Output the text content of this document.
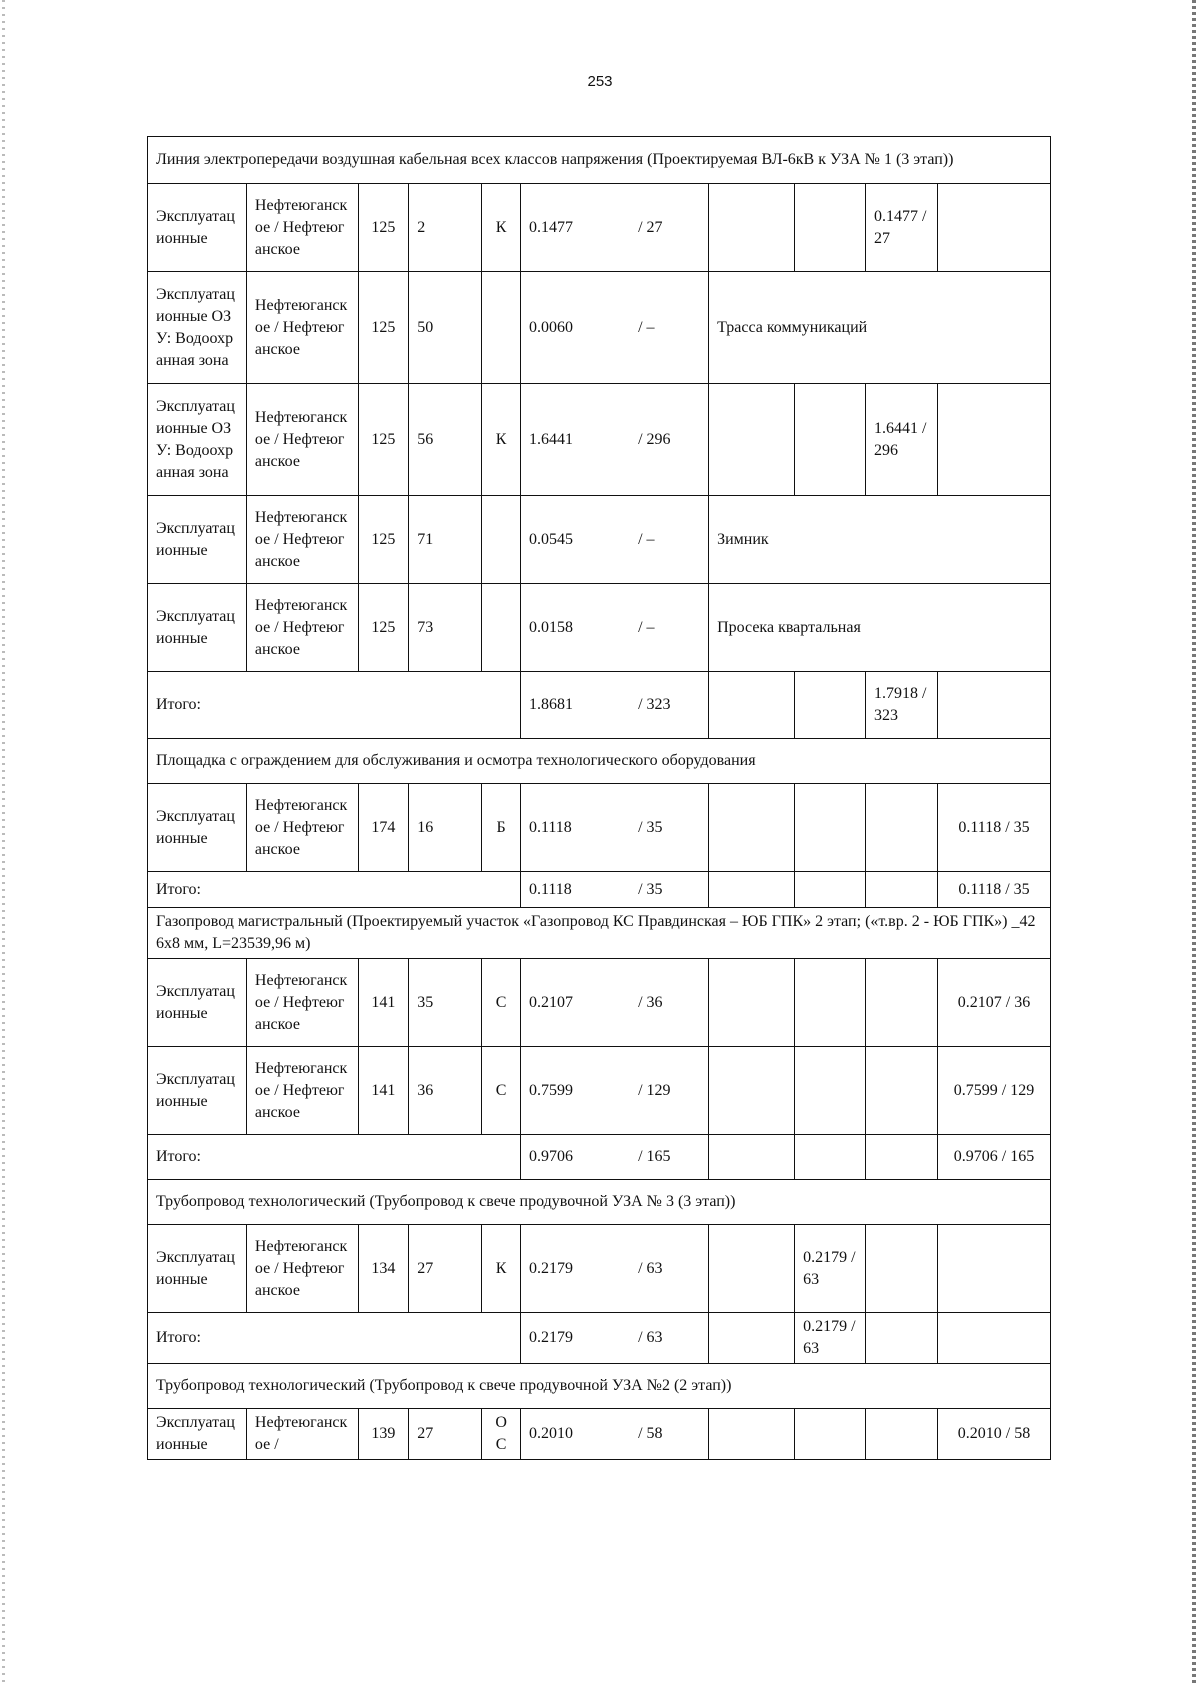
253
Линия электропередачи воздушная кабельная всех классов напряжения (Проектируемая ВЛ-6кВ к УЗА № 1 (3 этап))									
Эксплуатационные	Нефтеюганское / Нефтеюганское	125	2	К	0.1477 / 27			0.1477 / 27	
Эксплуатационные ОЗУ: Водоохранная зона	Нефтеюганское / Нефтеюганское	125	50		0.0060 / –	Трасса коммуникаций			
Эксплуатационные ОЗУ: Водоохранная зона	Нефтеюганское / Нефтеюганское	125	56	К	1.6441 / 296			1.6441 / 296	
Эксплуатационные	Нефтеюганское / Нефтеюганское	125	71		0.0545 / –	Зимник			
Эксплуатационные	Нефтеюганское / Нефтеюганское	125	73		0.0158 / –	Просека квартальная			
Итого:					1.8681 / 323			1.7918 / 323	
Площадка с ограждением для обслуживания и осмотра технологического оборудования									
Эксплуатационные	Нефтеюганское / Нефтеюганское	174	16	Б	0.1118 / 35				0.1118 / 35
Итого:					0.1118 / 35				0.1118 / 35
Газопровод магистральный (Проектируемый участок «Газопровод КС Правдинская – ЮБ ГПК» 2 этап; («т.вр. 2 - ЮБ ГПК») _426х8 мм, L=23539,96 м)									
Эксплуатационные	Нефтеюганское / Нефтеюганское	141	35	С	0.2107 / 36				0.2107 / 36
Эксплуатационные	Нефтеюганское / Нефтеюганское	141	36	С	0.7599 / 129				0.7599 / 129
Итого:					0.9706 / 165				0.9706 / 165
Трубопровод технологический (Трубопровод к свече продувочной УЗА № 3 (3 этап))									
Эксплуатационные	Нефтеюганское / Нефтеюганское	134	27	К	0.2179 / 63		0.2179 / 63		
Итого:					0.2179 / 63		0.2179 / 63		
Трубопровод технологический (Трубопровод к свече продувочной УЗА №2 (2 этап))									
Эксплуатационные	Нефтеюганское /	139	27	ОС	0.2010 / 58				0.2010 / 58
